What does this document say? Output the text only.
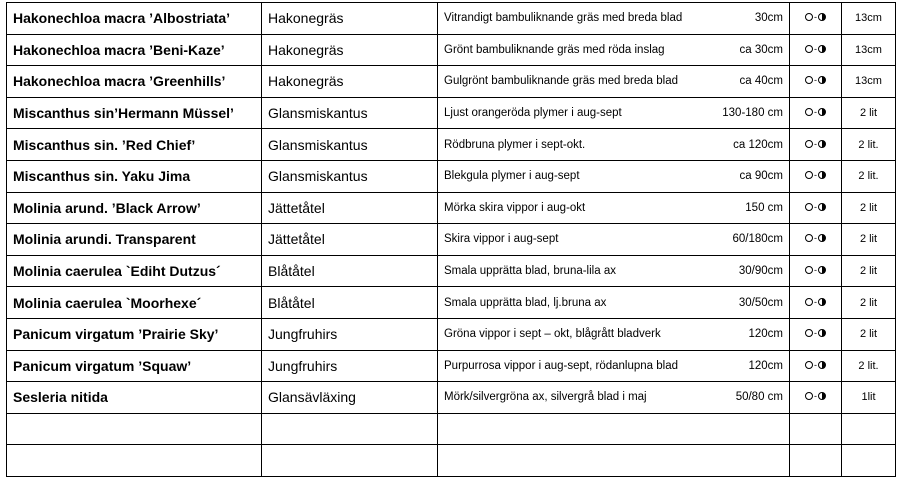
Hakonechloa macra ’Albostriata’	Hakonegräs	Vitrandigt bambuliknande gräs med breda blad 30cm	-	13cm
Hakonechloa macra ’Beni-Kaze’	Hakonegräs	Grönt bambuliknande gräs med röda inslag ca 30cm	-	13cm
Hakonechloa macra ’Greenhills’	Hakonegräs	Gulgrönt bambuliknande gräs med breda blad ca 40cm	-	13cm
Miscanthus sin’Hermann Müssel’	Glansmiskantus	Ljust orangeröda plymer i aug-sept 130-180 cm	-	2 lit
Miscanthus sin. ’Red Chief’	Glansmiskantus	Rödbruna plymer i sept-okt. ca 120cm	-	2 lit.
Miscanthus sin. Yaku Jima	Glansmiskantus	Blekgula plymer i aug-sept ca 90cm	-	2 lit.
Molinia arund. ’Black Arrow’	Jättetåtel	Mörka skira vippor i aug-okt 150 cm	-	2 lit
Molinia arundi. Transparent	Jättetåtel	Skira vippor i aug-sept 60/180cm	-	2 lit
Molinia caerulea `Ediht Dutzus´	Blåtåtel	Smala upprätta blad, bruna-lila ax 30/90cm	-	2 lit
Molinia caerulea `Moorhexe´	Blåtåtel	Smala upprätta blad, lj.bruna ax 30/50cm	-	2 lit
Panicum virgatum ’Prairie Sky’	Jungfruhirs	Gröna vippor i sept – okt, blågrått bladverk 120cm	-	2 lit
Panicum virgatum ’Squaw’	Jungfruhirs	Purpurrosa vippor i aug-sept, rödanlupna blad 120cm	-	2 lit.
Sesleria nitida	Glansävläxing	Mörk/silvergröna ax, silvergrå blad i maj 50/80 cm	-	1lit
